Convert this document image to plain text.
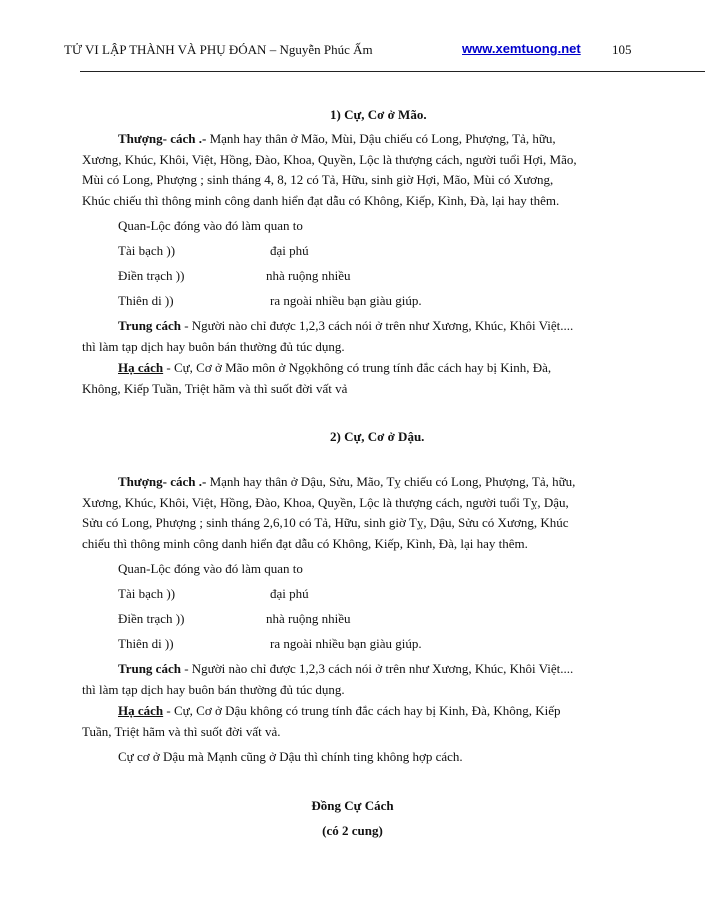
TỬ VI LẬP THÀNH VÀ PHỤ ĐÓAN – Nguyễn Phúc Ấm	www.xemtuong.net 105
1) Cự, Cơ ở Mão.
Thượng- cách .- Mạnh hay thân ở Mão, Mùi, Dậu chiếu có Long, Phượng, Tả, hữu,
Xương, Khúc, Khôi, Việt, Hồng, Đào, Khoa, Quyền, Lộc là thượng cách, người tuổi Hợi, Mão,
Mùi có Long, Phượng ; sinh tháng 4, 8, 12 có Tả, Hữu, sinh giờ Hợi, Mão, Mùi có Xương,
Khúc chiếu thì thông minh công danh hiển đạt dẫu có Không, Kiếp, Kình, Đà, lại hay thêm.
Quan-Lộc đóng vào đó làm quan to
Tài bạch ))	đại phú
Điền trạch ))	nhà ruộng nhiều
Thiên di ))	ra ngoài nhiều bạn giàu giúp.
Trung cách - Người nào chỉ được 1,2,3 cách nói ở trên như Xương, Khúc, Khôi Việt....
thì làm tạp dịch hay buôn bán thường đủ túc dụng.
Hạ cách - Cự, Cơ ở Mão môn ở Ngọkhông có trung tính đắc cách hay bị Kinh, Đà,
Không, Kiếp Tuần, Triệt hãm và thì suốt đời vất vả
2) Cự, Cơ ở Dậu.
Thượng- cách .- Mạnh hay thân ở Dậu, Sửu, Mão, Tỵ chiếu có Long, Phượng, Tả, hữu,
Xương, Khúc, Khôi, Việt, Hồng, Đào, Khoa, Quyền, Lộc là thượng cách, người tuổi Tỵ, Dậu,
Sửu có Long, Phượng ; sinh tháng 2,6,10 có Tả, Hữu, sinh giờ Tỵ, Dậu, Sửu có Xương, Khúc
chiếu thì thông minh công danh hiển đạt dẫu có Không, Kiếp, Kình, Đà, lại hay thêm.
Quan-Lộc đóng vào đó làm quan to
Tài bạch ))	đại phú
Điền trạch ))	nhà ruộng nhiều
Thiên di ))	ra ngoài nhiều bạn giàu giúp.
Trung cách - Người nào chỉ được 1,2,3 cách nói ở trên như Xương, Khúc, Khôi Việt....
thì làm tạp dịch hay buôn bán thường đủ túc dụng.
Hạ cách - Cự, Cơ ở Dậu không có trung tính đắc cách hay bị Kinh, Đà, Không, Kiếp
Tuần, Triệt hãm và thì suốt đời vất vả.
Cự cơ ở Dậu mà Mạnh cũng ở Dậu thì chính ting không hợp cách.
Đồng Cự Cách
(có 2 cung)
